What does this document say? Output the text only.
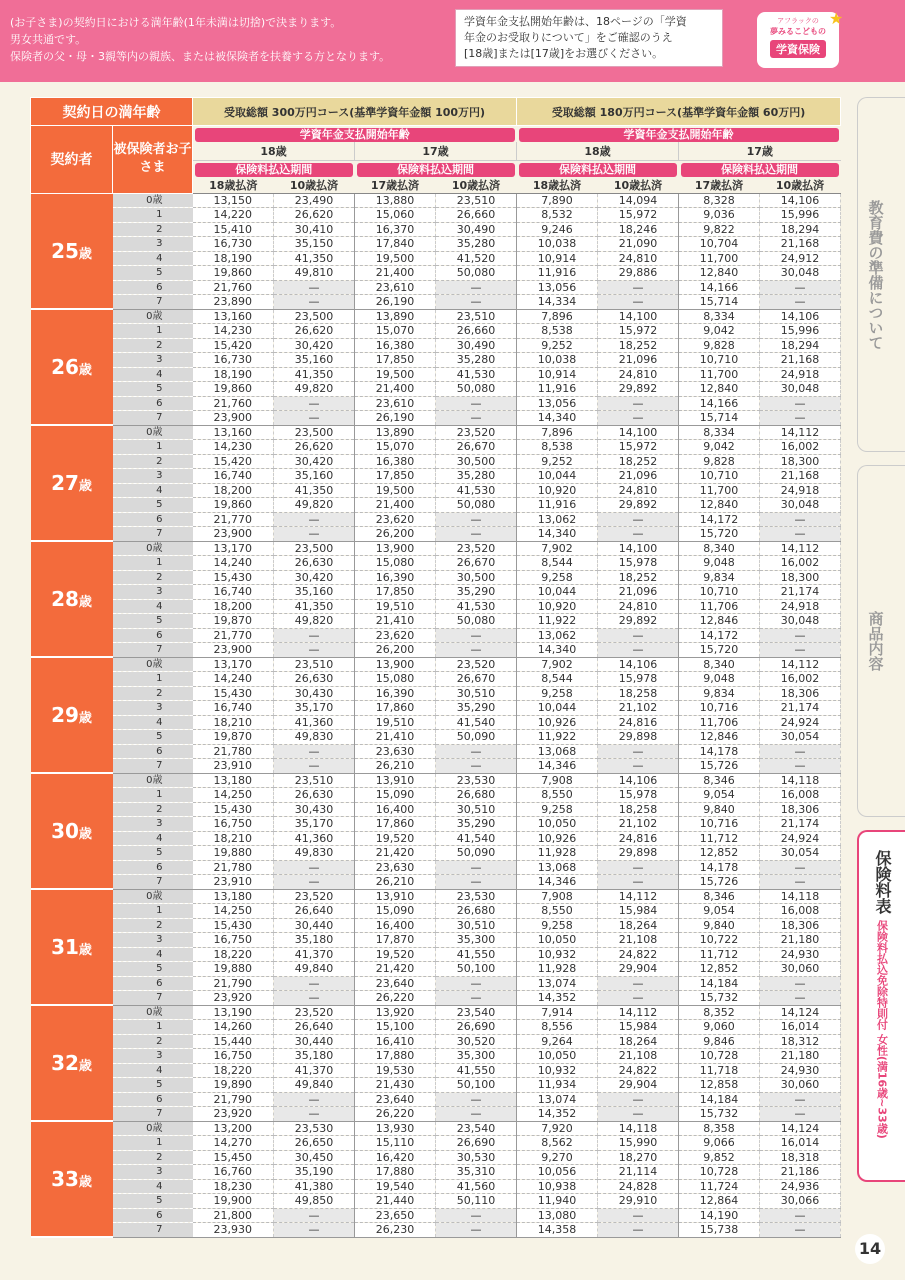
(お子さま)の契約日における満年齢(1年未満は切捨)で決まります。
男女共通です。
保険者の父・母・3親等内の親族、または被保険者を扶養する方となります。
学資年金支払開始年齢は、18ページの「学資
年金のお受取りについて」をご確認のうえ
[18歳]または[17歳]をお選びください。
アフラックの
夢みるこどもの
学資保険
★
契約日の満年齢		受取総額 300万円コース(基準学資年金額 100万円)				受取総額 180万円コース(基準学資年金額 60万円)			
契約者	被保険者お子さま	学資年金支払開始年齢				学資年金支払開始年齢			

		18歳		17歳		18歳		17歳	

		保険料払込期間		保険料払込期間		保険料払込期間		保険料払込期間	

		18歳払済	10歳払済	17歳払済	10歳払済	18歳払済	10歳払済	17歳払済	10歳払済
25歳	0歳	13,150	23,490	13,880	23,510	7,890	14,094	8,328	14,106
	1	14,220	26,620	15,060	26,660	8,532	15,972	9,036	15,996
	2	15,410	30,410	16,370	30,490	9,246	18,246	9,822	18,294
	3	16,730	35,150	17,840	35,280	10,038	21,090	10,704	21,168
	4	18,190	41,350	19,500	41,520	10,914	24,810	11,700	24,912
	5	19,860	49,810	21,400	50,080	11,916	29,886	12,840	30,048
	6	21,760	—	23,610	—	13,056	—	14,166	—
	7	23,890	—	26,190	—	14,334	—	15,714	—
26歳	0歳	13,160	23,500	13,890	23,510	7,896	14,100	8,334	14,106
	1	14,230	26,620	15,070	26,660	8,538	15,972	9,042	15,996
	2	15,420	30,420	16,380	30,490	9,252	18,252	9,828	18,294
	3	16,730	35,160	17,850	35,280	10,038	21,096	10,710	21,168
	4	18,190	41,350	19,500	41,530	10,914	24,810	11,700	24,918
	5	19,860	49,820	21,400	50,080	11,916	29,892	12,840	30,048
	6	21,760	—	23,610	—	13,056	—	14,166	—
	7	23,900	—	26,190	—	14,340	—	15,714	—
27歳	0歳	13,160	23,500	13,890	23,520	7,896	14,100	8,334	14,112
	1	14,230	26,620	15,070	26,670	8,538	15,972	9,042	16,002
	2	15,420	30,420	16,380	30,500	9,252	18,252	9,828	18,300
	3	16,740	35,160	17,850	35,280	10,044	21,096	10,710	21,168
	4	18,200	41,350	19,500	41,530	10,920	24,810	11,700	24,918
	5	19,860	49,820	21,400	50,080	11,916	29,892	12,840	30,048
	6	21,770	—	23,620	—	13,062	—	14,172	—
	7	23,900	—	26,200	—	14,340	—	15,720	—
28歳	0歳	13,170	23,500	13,900	23,520	7,902	14,100	8,340	14,112
	1	14,240	26,630	15,080	26,670	8,544	15,978	9,048	16,002
	2	15,430	30,420	16,390	30,500	9,258	18,252	9,834	18,300
	3	16,740	35,160	17,850	35,290	10,044	21,096	10,710	21,174
	4	18,200	41,350	19,510	41,530	10,920	24,810	11,706	24,918
	5	19,870	49,820	21,410	50,080	11,922	29,892	12,846	30,048
	6	21,770	—	23,620	—	13,062	—	14,172	—
	7	23,900	—	26,200	—	14,340	—	15,720	—
29歳	0歳	13,170	23,510	13,900	23,520	7,902	14,106	8,340	14,112
	1	14,240	26,630	15,080	26,670	8,544	15,978	9,048	16,002
	2	15,430	30,430	16,390	30,510	9,258	18,258	9,834	18,306
	3	16,740	35,170	17,860	35,290	10,044	21,102	10,716	21,174
	4	18,210	41,360	19,510	41,540	10,926	24,816	11,706	24,924
	5	19,870	49,830	21,410	50,090	11,922	29,898	12,846	30,054
	6	21,780	—	23,630	—	13,068	—	14,178	—
	7	23,910	—	26,210	—	14,346	—	15,726	—
30歳	0歳	13,180	23,510	13,910	23,530	7,908	14,106	8,346	14,118
	1	14,250	26,630	15,090	26,680	8,550	15,978	9,054	16,008
	2	15,430	30,430	16,400	30,510	9,258	18,258	9,840	18,306
	3	16,750	35,170	17,860	35,290	10,050	21,102	10,716	21,174
	4	18,210	41,360	19,520	41,540	10,926	24,816	11,712	24,924
	5	19,880	49,830	21,420	50,090	11,928	29,898	12,852	30,054
	6	21,780	—	23,630	—	13,068	—	14,178	—
	7	23,910	—	26,210	—	14,346	—	15,726	—
31歳	0歳	13,180	23,520	13,910	23,530	7,908	14,112	8,346	14,118
	1	14,250	26,640	15,090	26,680	8,550	15,984	9,054	16,008
	2	15,430	30,440	16,400	30,510	9,258	18,264	9,840	18,306
	3	16,750	35,180	17,870	35,300	10,050	21,108	10,722	21,180
	4	18,220	41,370	19,520	41,550	10,932	24,822	11,712	24,930
	5	19,880	49,840	21,420	50,100	11,928	29,904	12,852	30,060
	6	21,790	—	23,640	—	13,074	—	14,184	—
	7	23,920	—	26,220	—	14,352	—	15,732	—
32歳	0歳	13,190	23,520	13,920	23,540	7,914	14,112	8,352	14,124
	1	14,260	26,640	15,100	26,690	8,556	15,984	9,060	16,014
	2	15,440	30,440	16,410	30,520	9,264	18,264	9,846	18,312
	3	16,750	35,180	17,880	35,300	10,050	21,108	10,728	21,180
	4	18,220	41,370	19,530	41,550	10,932	24,822	11,718	24,930
	5	19,890	49,840	21,430	50,100	11,934	29,904	12,858	30,060
	6	21,790	—	23,640	—	13,074	—	14,184	—
	7	23,920	—	26,220	—	14,352	—	15,732	—
33歳	0歳	13,200	23,530	13,930	23,540	7,920	14,118	8,358	14,124
	1	14,270	26,650	15,110	26,690	8,562	15,990	9,066	16,014
	2	15,450	30,450	16,420	30,530	9,270	18,270	9,852	18,318
	3	16,760	35,190	17,880	35,310	10,056	21,114	10,728	21,186
	4	18,230	41,380	19,540	41,560	10,938	24,828	11,724	24,936
	5	19,900	49,850	21,440	50,110	11,940	29,910	12,864	30,066
	6	21,800	—	23,650	—	13,080	—	14,190	—
	7	23,930	—	26,230	—	14,358	—	15,738	—
教育費の準備について
商品内容
保険料表
保険料払込免除特則付 女性(満16歳~33歳)
14
